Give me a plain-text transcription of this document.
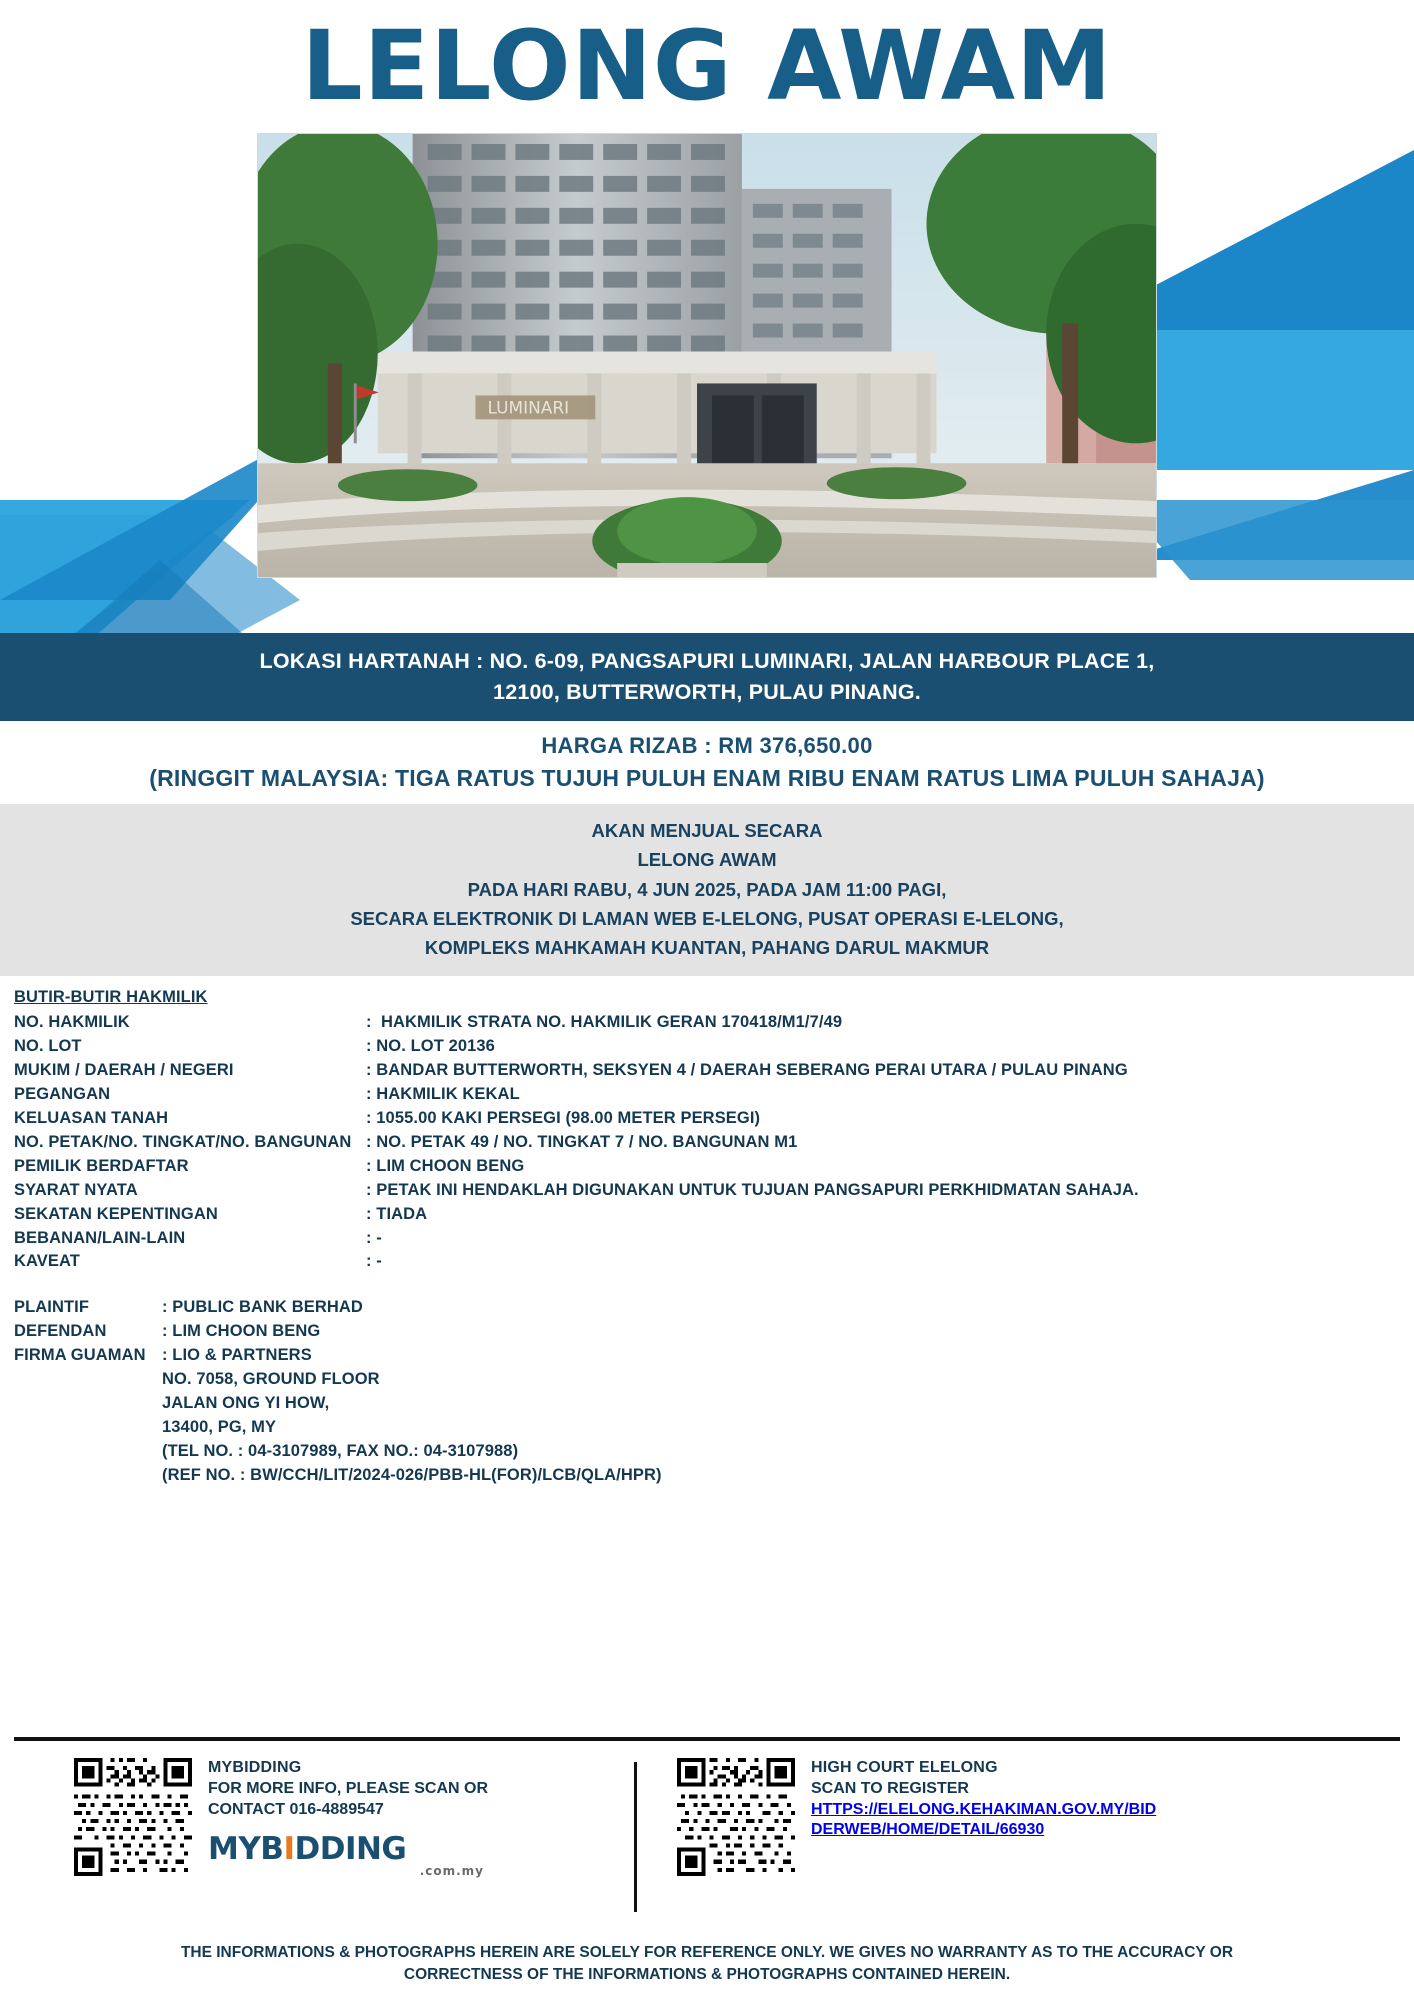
LELONG AWAM
LUMINARI
LOKASI HARTANAH : NO. 6-09, PANGSAPURI LUMINARI, JALAN HARBOUR PLACE 1,
12100, BUTTERWORTH, PULAU PINANG.
HARGA RIZAB : RM 376,650.00
(RINGGIT MALAYSIA: TIGA RATUS TUJUH PULUH ENAM RIBU ENAM RATUS LIMA PULUH SAHAJA)
AKAN MENJUAL SECARA
LELONG AWAM
PADA HARI RABU, 4 JUN 2025, PADA JAM 11:00 PAGI,
SECARA ELEKTRONIK DI LAMAN WEB E-LELONG, PUSAT OPERASI E-LELONG,
KOMPLEKS MAHKAMAH KUANTAN, PAHANG DARUL MAKMUR
BUTIR-BUTIR HAKMILIK
NO. HAKMILIK	:  HAKMILIK STRATA NO. HAKMILIK GERAN 170418/M1/7/49
NO. LOT	: NO. LOT 20136
MUKIM / DAERAH / NEGERI	: BANDAR BUTTERWORTH, SEKSYEN 4 / DAERAH SEBERANG PERAI UTARA / PULAU PINANG
PEGANGAN	: HAKMILIK KEKAL
KELUASAN TANAH	: 1055.00 KAKI PERSEGI (98.00 METER PERSEGI)
NO. PETAK/NO. TINGKAT/NO. BANGUNAN : NO. PETAK 49 / NO. TINGKAT 7 / NO. BANGUNAN M1
PEMILIK BERDAFTAR	: LIM CHOON BENG
SYARAT NYATA	: PETAK INI HENDAKLAH DIGUNAKAN UNTUK TUJUAN PANGSAPURI PERKHIDMATAN SAHAJA.
SEKATAN KEPENTINGAN	: TIADA
BEBANAN/LAIN-LAIN	: -
KAVEAT	: -
PLAINTIF	: PUBLIC BANK BERHAD
DEFENDAN	: LIM CHOON BENG
FIRMA GUAMAN : LIO & PARTNERS
NO. 7058, GROUND FLOOR
JALAN ONG YI HOW,
13400, PG, MY
(TEL NO. : 04-3107989, FAX NO.: 04-3107988)
(REF NO. : BW/CCH/LIT/2024-026/PBB-HL(FOR)/LCB/QLA/HPR)
MYBIDDING
FOR MORE INFO, PLEASE SCAN OR
CONTACT 016-4889547
MYBIDDING
.com.my
HIGH COURT ELELONG
SCAN TO REGISTER
HTTPS://ELELONG.KEHAKIMAN.GOV.MY/BIDDERWEB/HOME/DETAIL/66930
THE INFORMATIONS & PHOTOGRAPHS HEREIN ARE SOLELY FOR REFERENCE ONLY. WE GIVES NO WARRANTY AS TO THE ACCURACY OR
CORRECTNESS OF THE INFORMATIONS & PHOTOGRAPHS CONTAINED HEREIN.
